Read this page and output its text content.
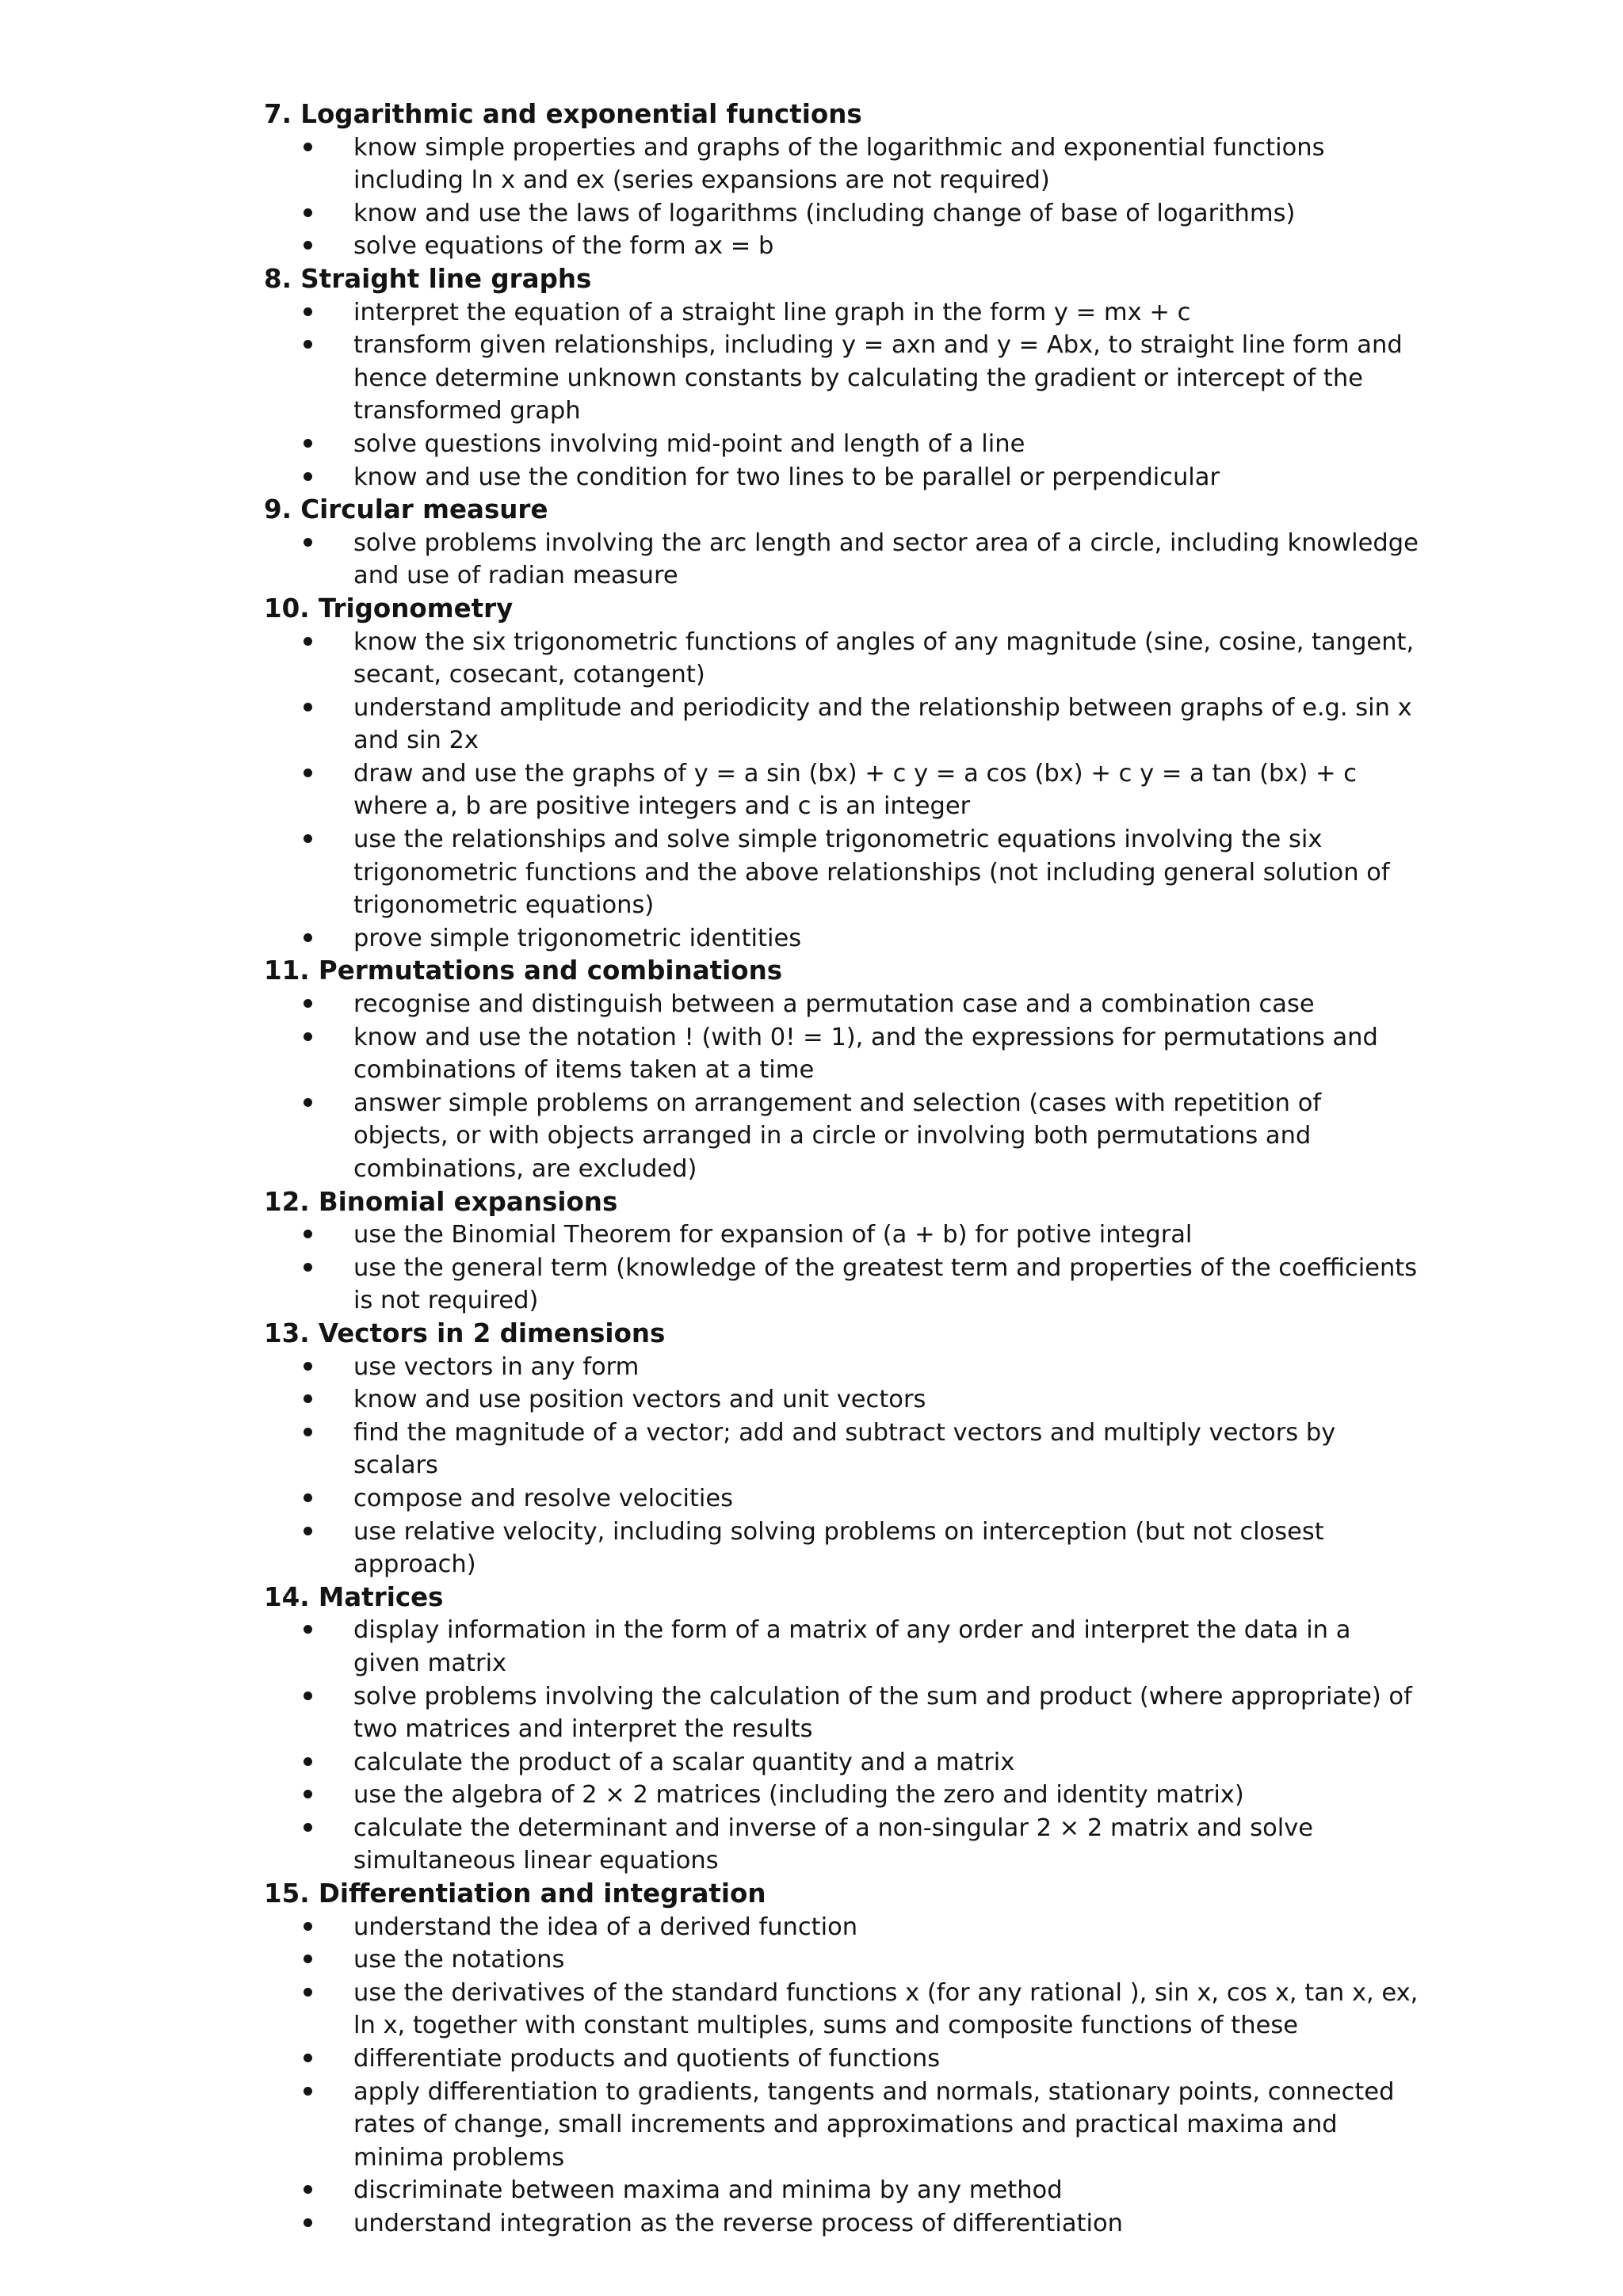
7. Logarithmic and exponential functions
know simple properties and graphs of the logarithmic and exponential functions including ln x and ex (series expansions are not required)
know and use the laws of logarithms (including change of base of logarithms)
solve equations of the form ax = b
8. Straight line graphs
interpret the equation of a straight line graph in the form y = mx + c
transform given relationships, including y = axn and y = Abx, to straight line form and hence determine unknown constants by calculating the gradient or intercept of the transformed graph
solve questions involving mid-point and length of a line
know and use the condition for two lines to be parallel or perpendicular
9. Circular measure
solve problems involving the arc length and sector area of a circle, including knowledge and use of radian measure
10. Trigonometry
know the six trigonometric functions of angles of any magnitude (sine, cosine, tangent, secant, cosecant, cotangent)
understand amplitude and periodicity and the relationship between graphs of e.g. sin x and sin 2x
draw and use the graphs of y = a sin (bx) + c y = a cos (bx) + c y = a tan (bx) + c where a, b are positive integers and c is an integer
use the relationships and solve simple trigonometric equations involving the six trigonometric functions and the above relationships (not including general solution of trigonometric equations)
prove simple trigonometric identities
11. Permutations and combinations
recognise and distinguish between a permutation case and a combination case
know and use the notation ! (with 0! = 1), and the expressions for permutations and combinations of items taken at a time
answer simple problems on arrangement and selection (cases with repetition of objects, or with objects arranged in a circle or involving both permutations and combinations, are excluded)
12. Binomial expansions
use the Binomial Theorem for expansion of (a + b) for potive integral
use the general term (knowledge of the greatest term and properties of the coefficients is not required)
13. Vectors in 2 dimensions
use vectors in any form
know and use position vectors and unit vectors
find the magnitude of a vector; add and subtract vectors and multiply vectors by scalars
compose and resolve velocities
use relative velocity, including solving problems on interception (but not closest approach)
14. Matrices
display information in the form of a matrix of any order and interpret the data in a given matrix
solve problems involving the calculation of the sum and product (where appropriate) of two matrices and interpret the results
calculate the product of a scalar quantity and a matrix
use the algebra of 2 × 2 matrices (including the zero and identity matrix)
calculate the determinant and inverse of a non-singular 2 × 2 matrix and solve simultaneous linear equations
15. Differentiation and integration
understand the idea of a derived function
use the notations
use the derivatives of the standard functions x (for any rational ), sin x, cos x, tan x, ex, ln x, together with constant multiples, sums and composite functions of these
differentiate products and quotients of functions
apply differentiation to gradients, tangents and normals, stationary points, connected rates of change, small increments and approximations and practical maxima and minima problems
discriminate between maxima and minima by any method
understand integration as the reverse process of differentiation
